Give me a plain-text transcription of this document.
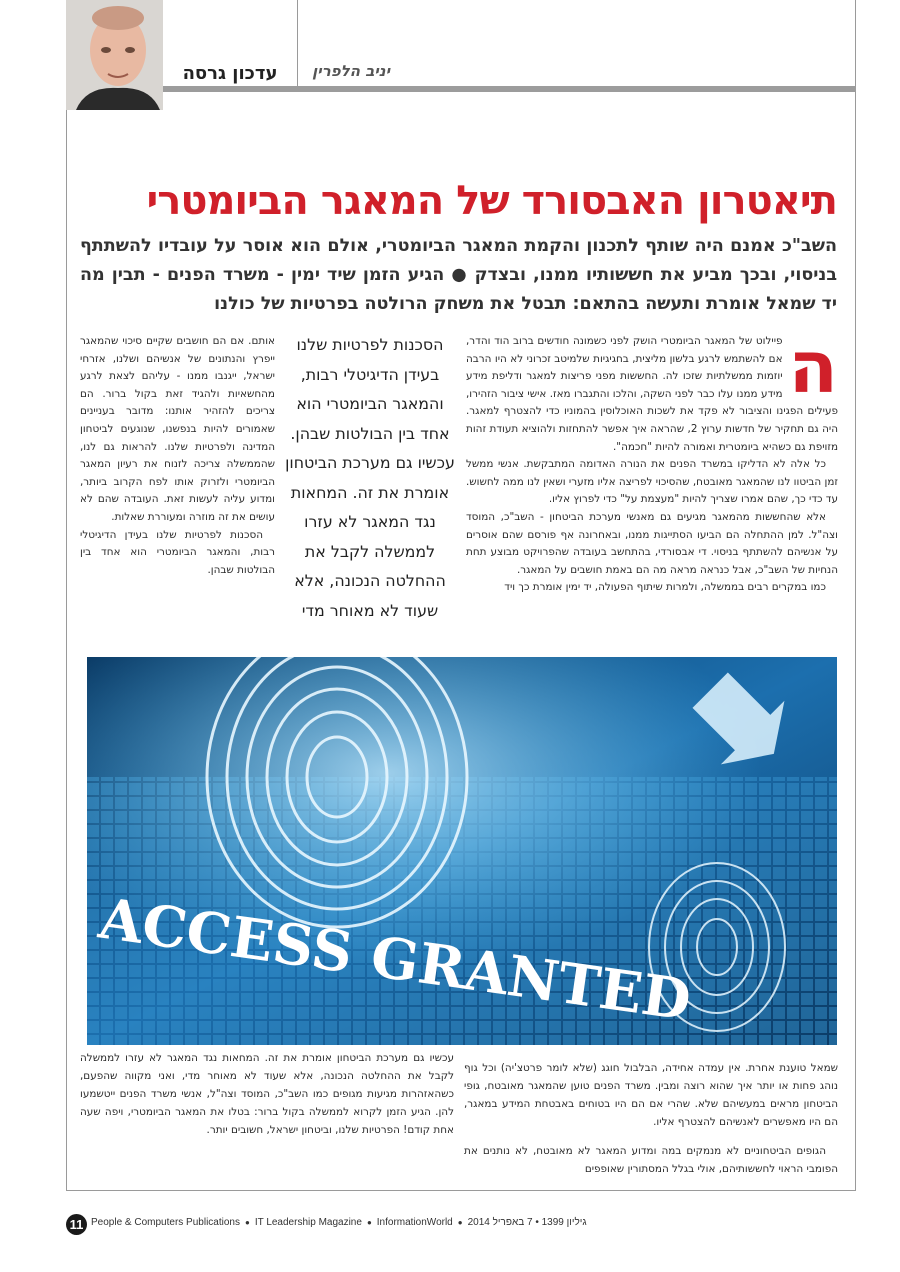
עדכון גרסה	יניב הלפרין
תיאטרון האבסורד של המאגר הביומטרי
השב"כ אמנם היה שותף לתכנון והקמת המאגר הביומטרי, אולם הוא אוסר על עובדיו להשתתף בניסוי, ובכך מביע את חששותיו ממנו, ובצדק ● הגיע הזמן שיד ימין - משרד הפנים - תבין מה יד שמאל אומרת ותעשה בהתאם: תבטל את משחק הרולטה בפרטיות של כולנו
ה

פיילוט של המאגר הביומטרי הושק לפני כשמונה חודשים ברוב הוד והדר, אם להשתמש לרגע בלשון מליצית, בחגיגיות שלמיטב זכרוני לא היו הרבה יוזמות ממשלתיות שזכו לה. החששות מפני פריצות למאגר ודליפת מידע מידע ממנו עלו כבר לפני השקה, והלכו והתגברו מאז. אישי ציבור הזהירו, פעילים הפגינו והציבור לא פקד את לשכות האוכלוסין בהמוניו כדי להצטרף למאגר. היה גם תחקיר של חדשות ערוץ 2, שהראה איך אפשר להתחזות ולהוציא תעודת זהות מזויפת גם כשהיא ביומטרית ואמורה להיות "חכמה".

כל אלה לא הדליקו במשרד הפנים את הנורה האדומה המתבקשת. אנשי ממשל זמן הביטוו לנו שהמאגר מאובטח, שהסיכוי לפריצה אליו מזערי ושאין לנו ממה לחשוש. עד כדי כך, שהם אמרו שצריך להיות "מעצמת על" כדי לפרוץ אליו.

אלא שהחששות מהמאגר מגיעים גם מאנשי מערכת הביטחון - השב"כ, המוסד וצה"ל. למן ההתחלה הם הביעו הסתייגות ממנו, ובאחרונה אף פורסם שהם אוסרים על אנשיהם להשתתף בניסוי. די אבסורדי, בהתחשב בעובדה שהפרויקט מבוצע תחת הנחיות של השב"כ, אבל כנראה מראה מה הם באמת חושבים על המאגר.

כמו במקרים רבים בממשלה, ולמרות שיתוף הפעולה, יד ימין אומרת כך ויד

הסכנות לפרטיות שלנו בעידן הדיגיטלי רבות, והמאגר הביומטרי הוא אחד בין הבולטות שבהן. עכשיו גם מערכת הביטחון אומרת את זה. המחאות נגד המאגר לא עזרו לממשלה לקבל את ההחלטה הנכונה, אלא שעוד לא מאוחר מדי

אותם. אם הם חושבים שקיים סיכוי שהמאגר ייפרץ והנתונים של אנשיהם ושלנו, אזרחי ישראל, ייגנבו ממנו - עליהם לצאת לרגע מהחשאיות ולהגיד זאת בקול ברור. הם צריכים להזהיר אותנו: מדובר בעניינים שאמורים להיות בנפשנו, שנוגעים לביטחון המדינה ולפרטיות שלנו. להראות גם לנו, שהממשלה צריכה לזנוח את רעיון המאגר הביומטרי ולזרוק אותו לפח הקרוב ביותר, ומדוע עליה לעשות זאת. העובדה שהם לא עושים את זה מוזרה ומעוררת שאלות.

הסכנות לפרטיות שלנו בעידן הדיגיטלי רבות, והמאגר הביומטרי הוא אחד בין הבולטות שבהן.

ACCESS GRANTED

שמאל טוענת אחרת. אין עמדה אחידה, הבלבול חוגג (שלא לומר פרטצ'יה) וכל גוף נוהג פחות או יותר איך שהוא רוצה ומבין. משרד הפנים טוען שהמאגר מאובטח, גופי הביטחון מראים במעשיהם שלא. שהרי אם הם היו בטוחים באבטחת המידע במאגר, הם היו מאפשרים לאנשיהם להצטרף אליו.

הגופים הביטחוניים לא מנמקים במה ומדוע המאגר לא מאובטח, לא נותנים את הפומבי הראוי לחששותיהם, אולי בגלל המסתורין שאופפים

עכשיו גם מערכת הביטחון אומרת את זה. המחאות נגד המאגר לא עזרו לממשלה לקבל את ההחלטה הנכונה, אלא שעוד לא מאוחר מדי, ואני מקווה שהפעם, כשהאזהרות מגיעות מגופים כמו השב"כ, המוסד וצה"ל, אנשי משרד הפנים ייטשמעו להן. הגיע הזמן לקרוא לממשלה בקול ברור: בטלו את המאגר הביומטרי, ויפה שעה אחת קודם! הפרטיות שלנו, וביטחון ישראל, חשובים יותר.

11 People & Computers Publications ● IT Leadership Magazine ● InformationWorld ● גיליון 1399 • 7 באפריל 2014
